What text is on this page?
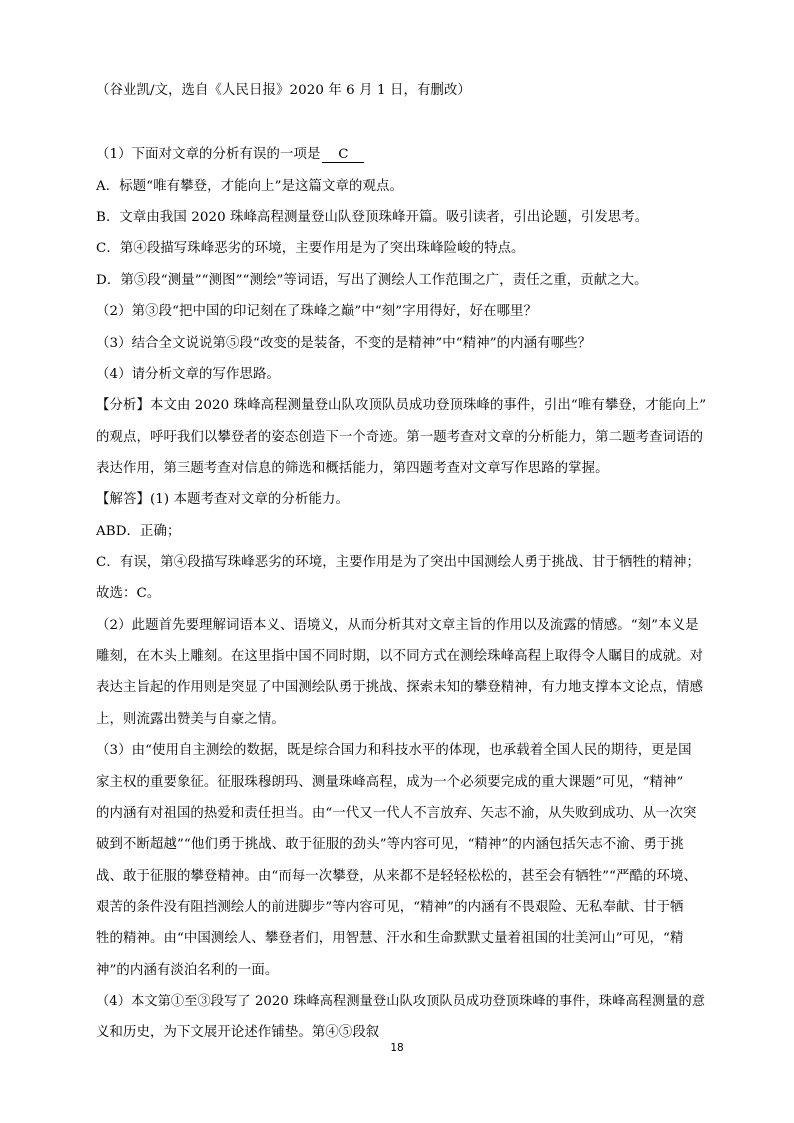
（谷业凯/文，选自《人民日报》2020 年 6 月 1 日，有删改）
（1）下面对文章的分析有误的一项是 C
A．标题“唯有攀登，才能向上”是这篇文章的观点。
B．文章由我国 2020 珠峰高程测量登山队登顶珠峰开篇。吸引读者，引出论题，引发思考。
C．第④段描写珠峰恶劣的环境，主要作用是为了突出珠峰险峻的特点。
D．第⑤段“测量”“测图”“测绘”等词语，写出了测绘人工作范围之广，责任之重，贡献之大。
（2）第③段“把中国的印记刻在了珠峰之巅”中“刻”字用得好，好在哪里？
（3）结合全文说说第⑤段“改变的是装备，不变的是精神”中“精神”的内涵有哪些？
（4）请分析文章的写作思路。
【分析】本文由 2020 珠峰高程测量登山队攻顶队员成功登顶珠峰的事件，引出“唯有攀登，才能向上”
的观点，呼吁我们以攀登者的姿态创造下一个奇迹。第一题考查对文章的分析能力，第二题考查词语的
表达作用，第三题考查对信息的筛选和概括能力，第四题考查对文章写作思路的掌握。
【解答】(1) 本题考查对文章的分析能力。
ABD．正确；
C．有误，第④段描写珠峰恶劣的环境，主要作用是为了突出中国测绘人勇于挑战、甘于牺牲的精神；
故选：C。
（2）此题首先要理解词语本义、语境义，从而分析其对文章主旨的作用以及流露的情感。“刻”本义是
雕刻，在木头上雕刻。在这里指中国不同时期，以不同方式在测绘珠峰高程上取得令人瞩目的成就。对
表达主旨起的作用则是突显了中国测绘队勇于挑战、探索未知的攀登精神，有力地支撑本文论点，情感
上，则流露出赞美与自豪之情。
（3）由“使用自主测绘的数据，既是综合国力和科技水平的体现，也承载着全国人民的期待，更是国
家主权的重要象征。征服珠穆朗玛、测量珠峰高程，成为一个必须要完成的重大课题”可见，“精神”
的内涵有对祖国的热爱和责任担当。由“一代又一代人不言放弃、矢志不渝，从失败到成功、从一次突
破到不断超越”“他们勇于挑战、敢于征服的劲头”等内容可见，“精神”的内涵包括矢志不渝、勇于挑
战、敢于征服的攀登精神。由“而每一次攀登，从来都不是轻轻松松的，甚至会有牺牲”“严酷的环境、
艰苦的条件没有阻挡测绘人的前进脚步”等内容可见，“精神”的内涵有不畏艰险、无私奉献、甘于牺
牲的精神。由“中国测绘人、攀登者们，用智慧、汗水和生命默默丈量着祖国的壮美河山”可见，“精
神”的内涵有淡泊名利的一面。
（4）本文第①至③段写了 2020 珠峰高程测量登山队攻顶队员成功登顶珠峰的事件，珠峰高程测量的意
义和历史，为下文展开论述作铺垫。第④⑤段叙
18
